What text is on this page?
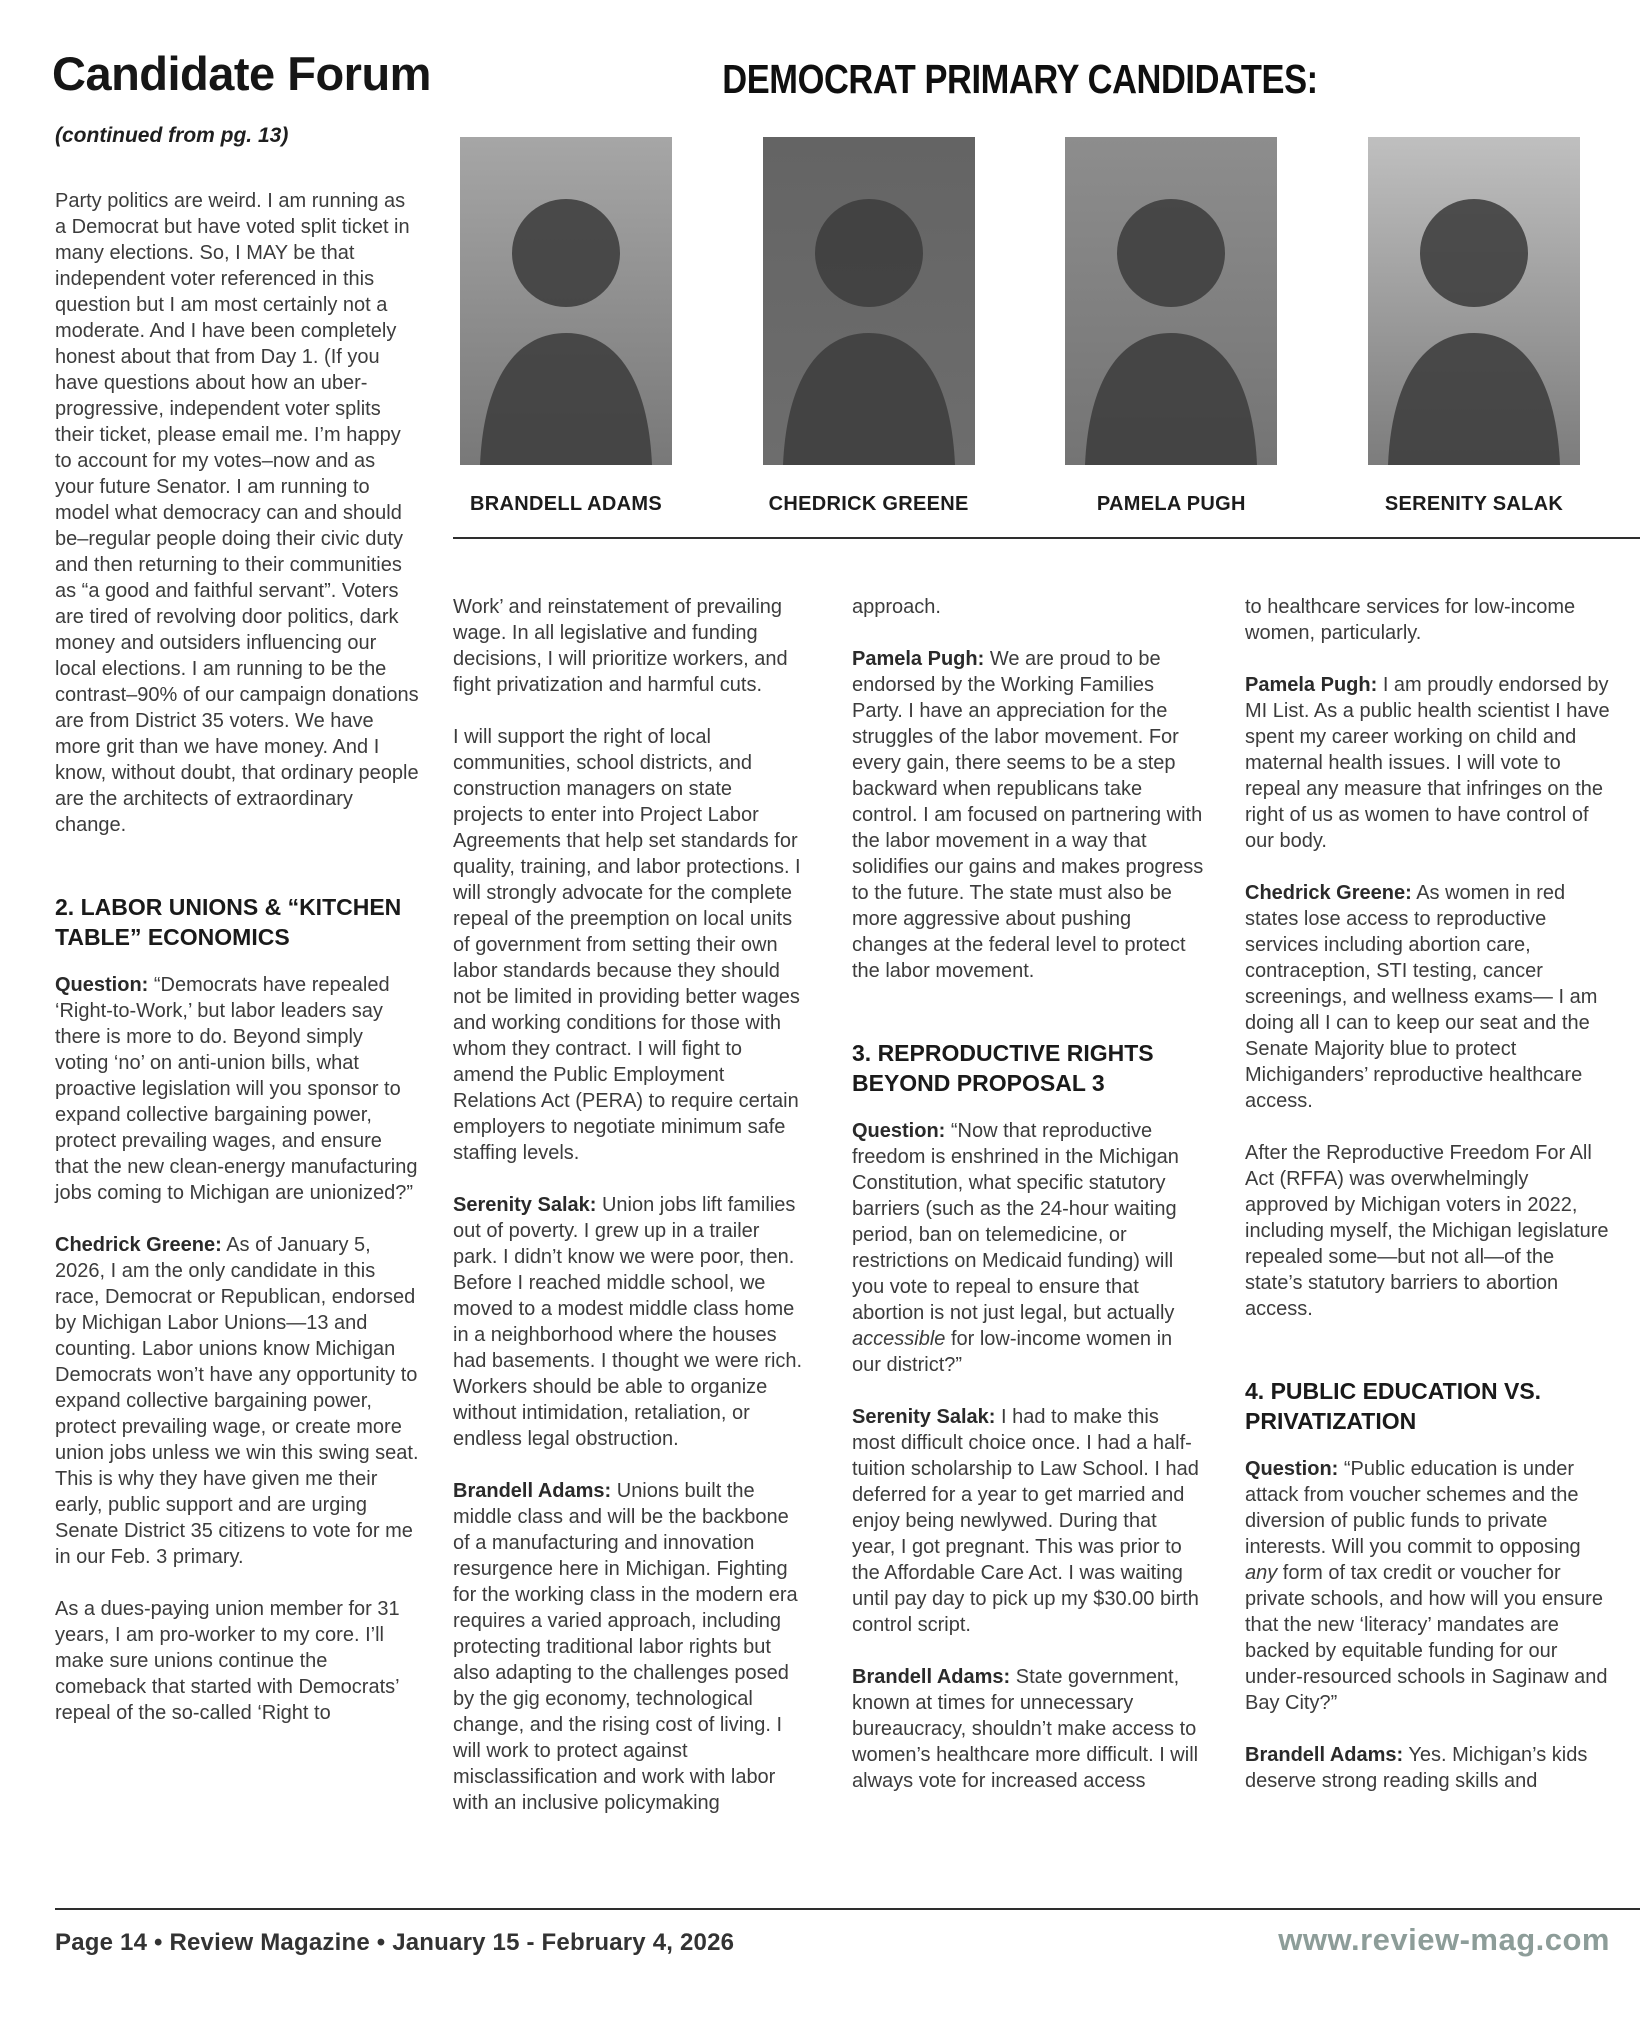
Candidate Forum
(continued from pg. 13)
DEMOCRAT PRIMARY CANDIDATES:
BRANDELL ADAMS	CHEDRICK GREENE	PAMELA PUGH	SERENITY SALAK

Party politics are weird. I am running as a Democrat but have voted split ticket in many elections. So, I MAY be that independent voter referenced in this question but I am most certainly not a moderate. And I have been completely honest about that from Day 1. (If you have questions about how an uber-progressive, independent voter splits their ticket, please email me. I’m happy to account for my votes–now and as your future Senator. I am running to model what democracy can and should be–regular people doing their civic duty and then returning to their communities as “a good and faithful servant”. Voters are tired of revolving door politics, dark money and outsiders influencing our local elections. I am running to be the contrast–90% of our campaign donations are from District 35 voters. We have more grit than we have money. And I know, without doubt, that ordinary people are the architects of extraordinary change.

2. LABOR UNIONS & “KITCHEN TABLE” ECONOMICS

Question: “Democrats have repealed ‘Right-to-Work,’ but labor leaders say there is more to do. Beyond simply voting ‘no’ on anti-union bills, what proactive legislation will you sponsor to expand collective bargaining power, protect prevailing wages, and ensure that the new clean-energy manufacturing jobs coming to Michigan are unionized?”

Chedrick Greene: As of January 5, 2026, I am the only candidate in this race, Democrat or Republican, endorsed by Michigan Labor Unions—13 and counting. Labor unions know Michigan Democrats won’t have any opportunity to expand collective bargaining power, protect prevailing wage, or create more union jobs unless we win this swing seat. This is why they have given me their early, public support and are urging Senate District 35 citizens to vote for me in our Feb. 3 primary.

As a dues-paying union member for 31 years, I am pro-worker to my core. I’ll make sure unions continue the comeback that started with Democrats’ repeal of the so-called ‘Right to

Work’ and reinstatement of prevailing wage. In all legislative and funding decisions, I will prioritize workers, and fight privatization and harmful cuts.

I will support the right of local communities, school districts, and construction managers on state projects to enter into Project Labor Agreements that help set standards for quality, training, and labor protections. I will strongly advocate for the complete repeal of the preemption on local units of government from setting their own labor standards because they should not be limited in providing better wages and working conditions for those with whom they contract. I will fight to amend the Public Employment Relations Act (PERA) to require certain employers to negotiate minimum safe staffing levels.

Serenity Salak: Union jobs lift families out of poverty. I grew up in a trailer park. I didn’t know we were poor, then. Before I reached middle school, we moved to a modest middle class home in a neighborhood where the houses had basements. I thought we were rich. Workers should be able to organize without intimidation, retaliation, or endless legal obstruction.

Brandell Adams: Unions built the middle class and will be the backbone of a manufacturing and innovation resurgence here in Michigan. Fighting for the working class in the modern era requires a varied approach, including protecting traditional labor rights but also adapting to the challenges posed by the gig economy, technological change, and the rising cost of living. I will work to protect against misclassification and work with labor with an inclusive policymaking

approach.

Pamela Pugh: We are proud to be endorsed by the Working Families Party. I have an appreciation for the struggles of the labor movement. For every gain, there seems to be a step backward when republicans take control. I am focused on partnering with the labor movement in a way that solidifies our gains and makes progress to the future. The state must also be more aggressive about pushing changes at the federal level to protect the labor movement.

3. REPRODUCTIVE RIGHTS BEYOND PROPOSAL 3

Question: “Now that reproductive freedom is enshrined in the Michigan Constitution, what specific statutory barriers (such as the 24-hour waiting period, ban on telemedicine, or restrictions on Medicaid funding) will you vote to repeal to ensure that abortion is not just legal, but actually accessible for low-income women in our district?”

Serenity Salak: I had to make this most difficult choice once. I had a half-tuition scholarship to Law School. I had deferred for a year to get married and enjoy being newlywed. During that year, I got pregnant. This was prior to the Affordable Care Act. I was waiting until pay day to pick up my $30.00 birth control script.

Brandell Adams: State government, known at times for unnecessary bureaucracy, shouldn’t make access to women’s healthcare more difficult. I will always vote for increased access

to healthcare services for low-income women, particularly.

Pamela Pugh: I am proudly endorsed by MI List. As a public health scientist I have spent my career working on child and maternal health issues. I will vote to repeal any measure that infringes on the right of us as women to have control of our body.

Chedrick Greene: As women in red states lose access to reproductive services including abortion care, contraception, STI testing, cancer screenings, and wellness exams— I am doing all I can to keep our seat and the Senate Majority blue to protect Michiganders’ reproductive healthcare access.

After the Reproductive Freedom For All Act (RFFA) was overwhelmingly approved by Michigan voters in 2022, including myself, the Michigan legislature repealed some—but not all—of the state’s statutory barriers to abortion access.

4. PUBLIC EDUCATION VS. PRIVATIZATION

Question: “Public education is under attack from voucher schemes and the diversion of public funds to private interests. Will you commit to opposing any form of tax credit or voucher for private schools, and how will you ensure that the new ‘literacy’ mandates are backed by equitable funding for our under-resourced schools in Saginaw and Bay City?”

Brandell Adams: Yes. Michigan’s kids deserve strong reading skills and

Page 14 • Review Magazine • January 15 - February 4, 2026	www.review-mag.com
